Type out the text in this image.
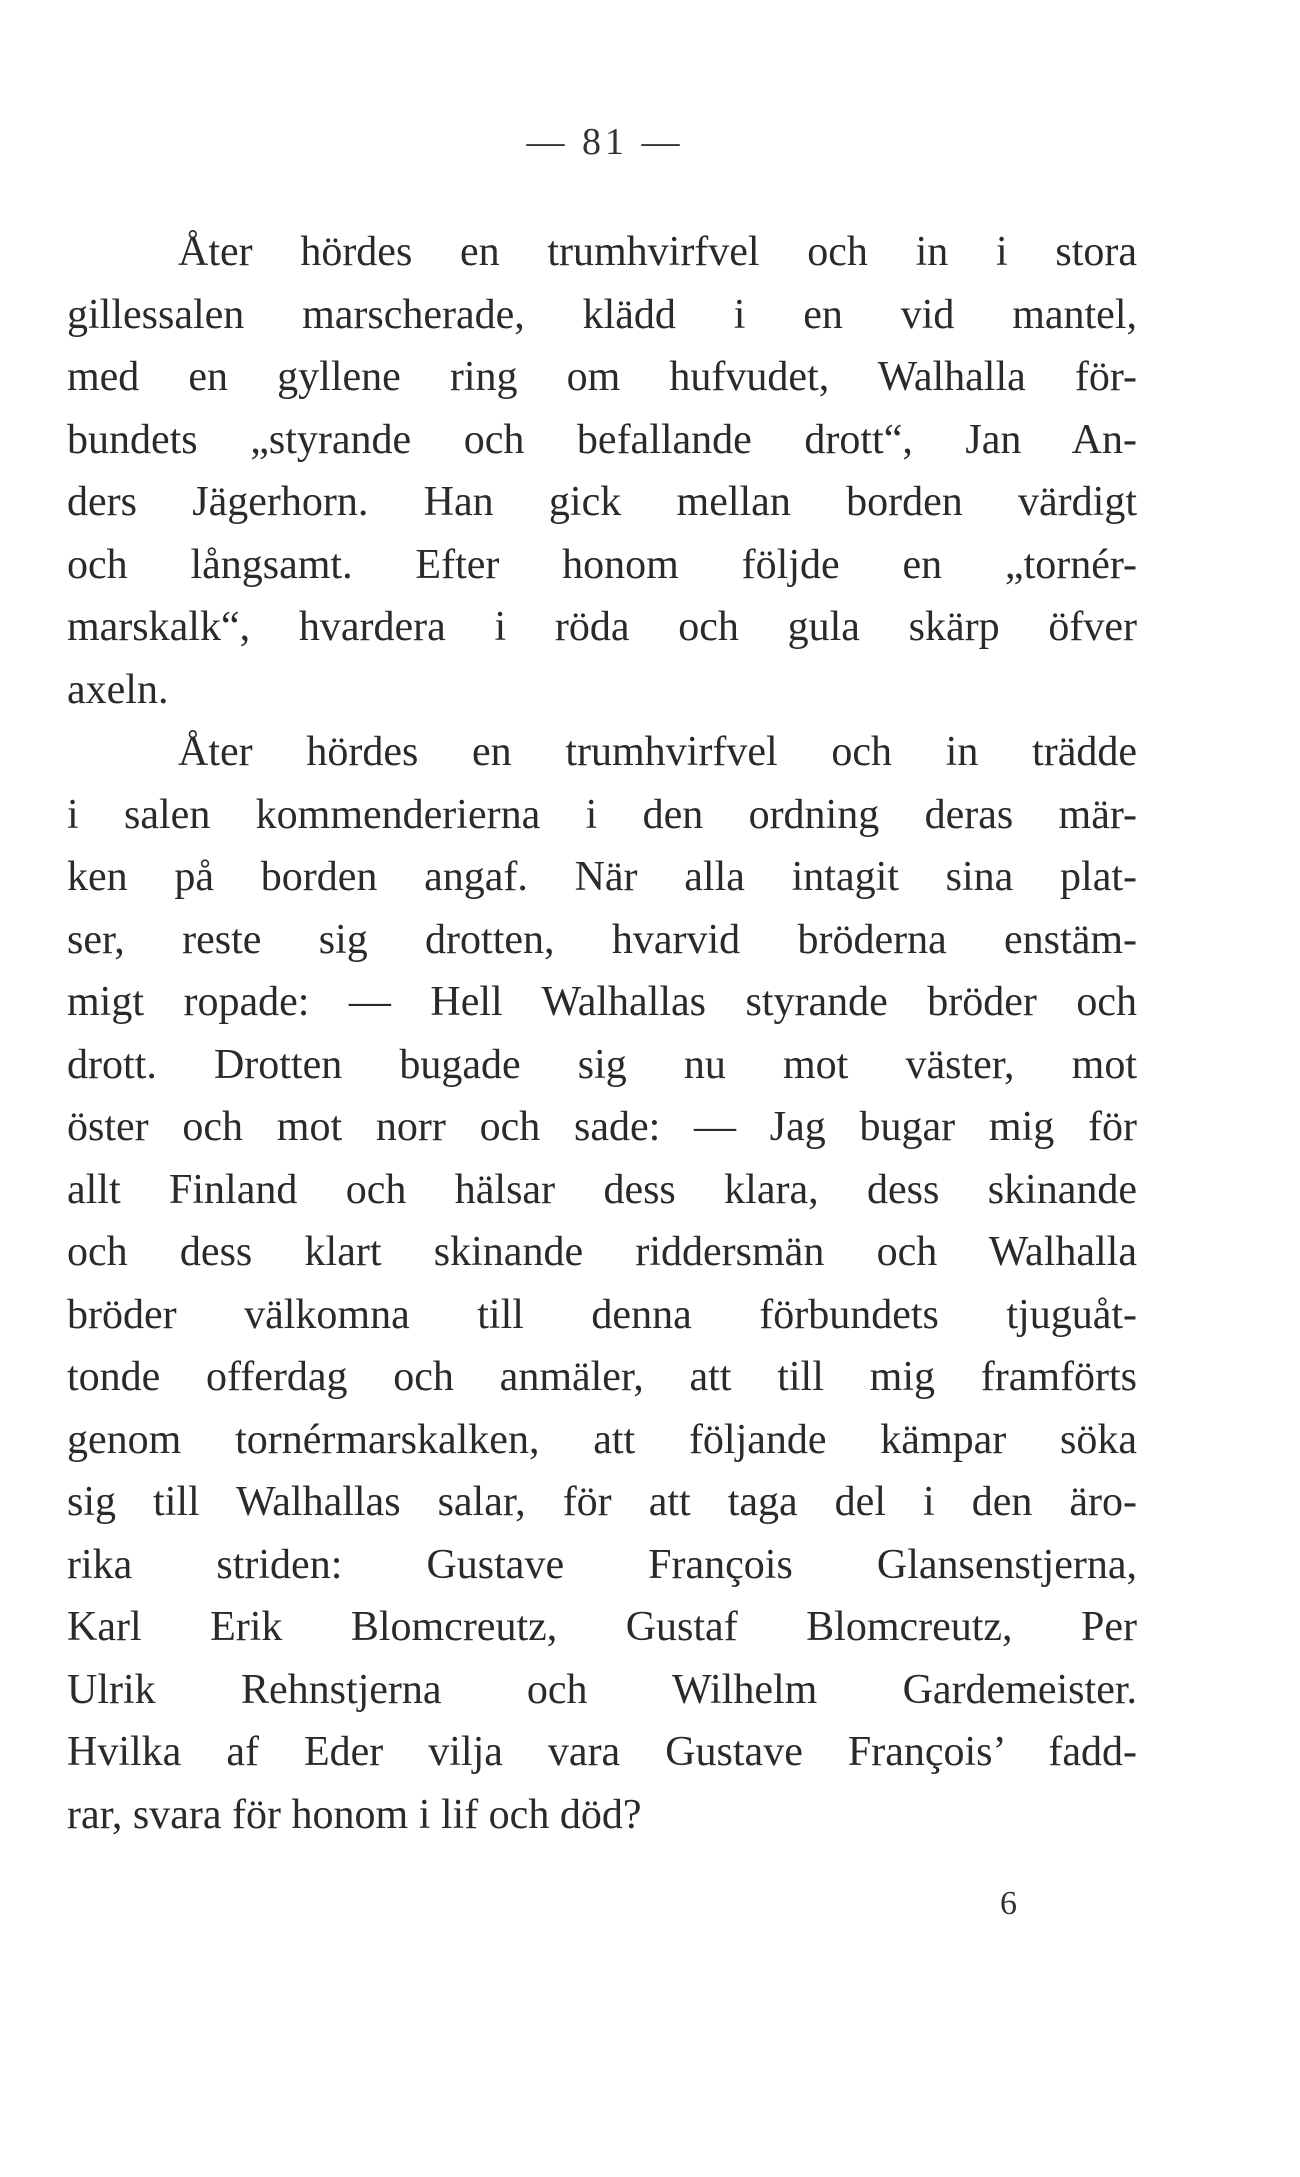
— 81 —
Åter hördes en trumhvirfvel och in i stora
gillessalen marscherade, klädd i en vid mantel,
med en gyllene ring om hufvudet, Walhalla för-
bundets „styrande och befallande drott“, Jan An-
ders Jägerhorn. Han gick mellan borden värdigt
och långsamt. Efter honom följde en „tornér-
marskalk“, hvardera i röda och gula skärp öfver
axeln.
Åter hördes en trumhvirfvel och in trädde
i salen kommenderierna i den ordning deras mär-
ken på borden angaf. När alla intagit sina plat-
ser, reste sig drotten, hvarvid bröderna enstäm-
migt ropade: — Hell Walhallas styrande bröder och
drott. Drotten bugade sig nu mot väster, mot
öster och mot norr och sade: — Jag bugar mig för
allt Finland och hälsar dess klara, dess skinande
och dess klart skinande riddersmän och Walhalla
bröder välkomna till denna förbundets tjuguåt-
tonde offerdag och anmäler, att till mig framförts
genom tornérmarskalken, att följande kämpar söka
sig till Walhallas salar, för att taga del i den äro-
rika striden: Gustave François Glansenstjerna,
Karl Erik Blomcreutz, Gustaf Blomcreutz, Per
Ulrik Rehnstjerna och Wilhelm Gardemeister.
Hvilka af Eder vilja vara Gustave François’ fadd-
rar, svara för honom i lif och död?
6
